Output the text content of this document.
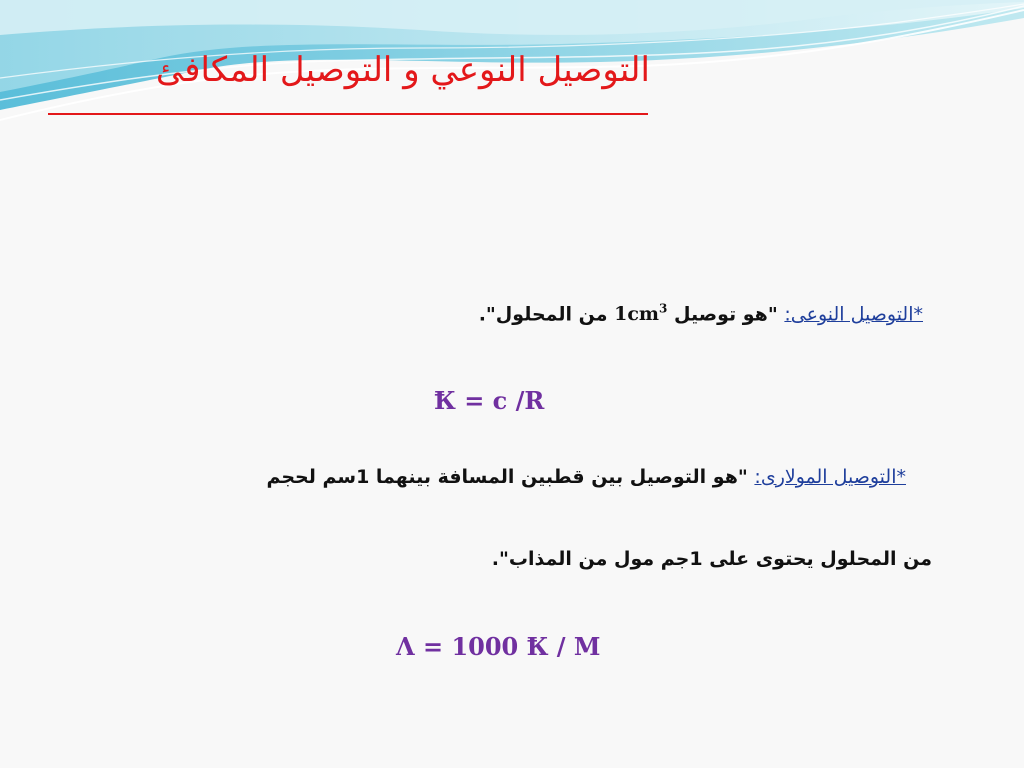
التوصيل النوعي و التوصيل المكافئ
*التوصيل النوعى: "هو توصيل $1cm^3$ من المحلول".
Ꝁ = c /R
*التوصيل المولارى: "هو التوصيل بين قطبين المسافة بينهما 1سم لحجم
من المحلول يحتوى على 1جم مول من المذاب".
Λ = 1000 Ꝁ / M
